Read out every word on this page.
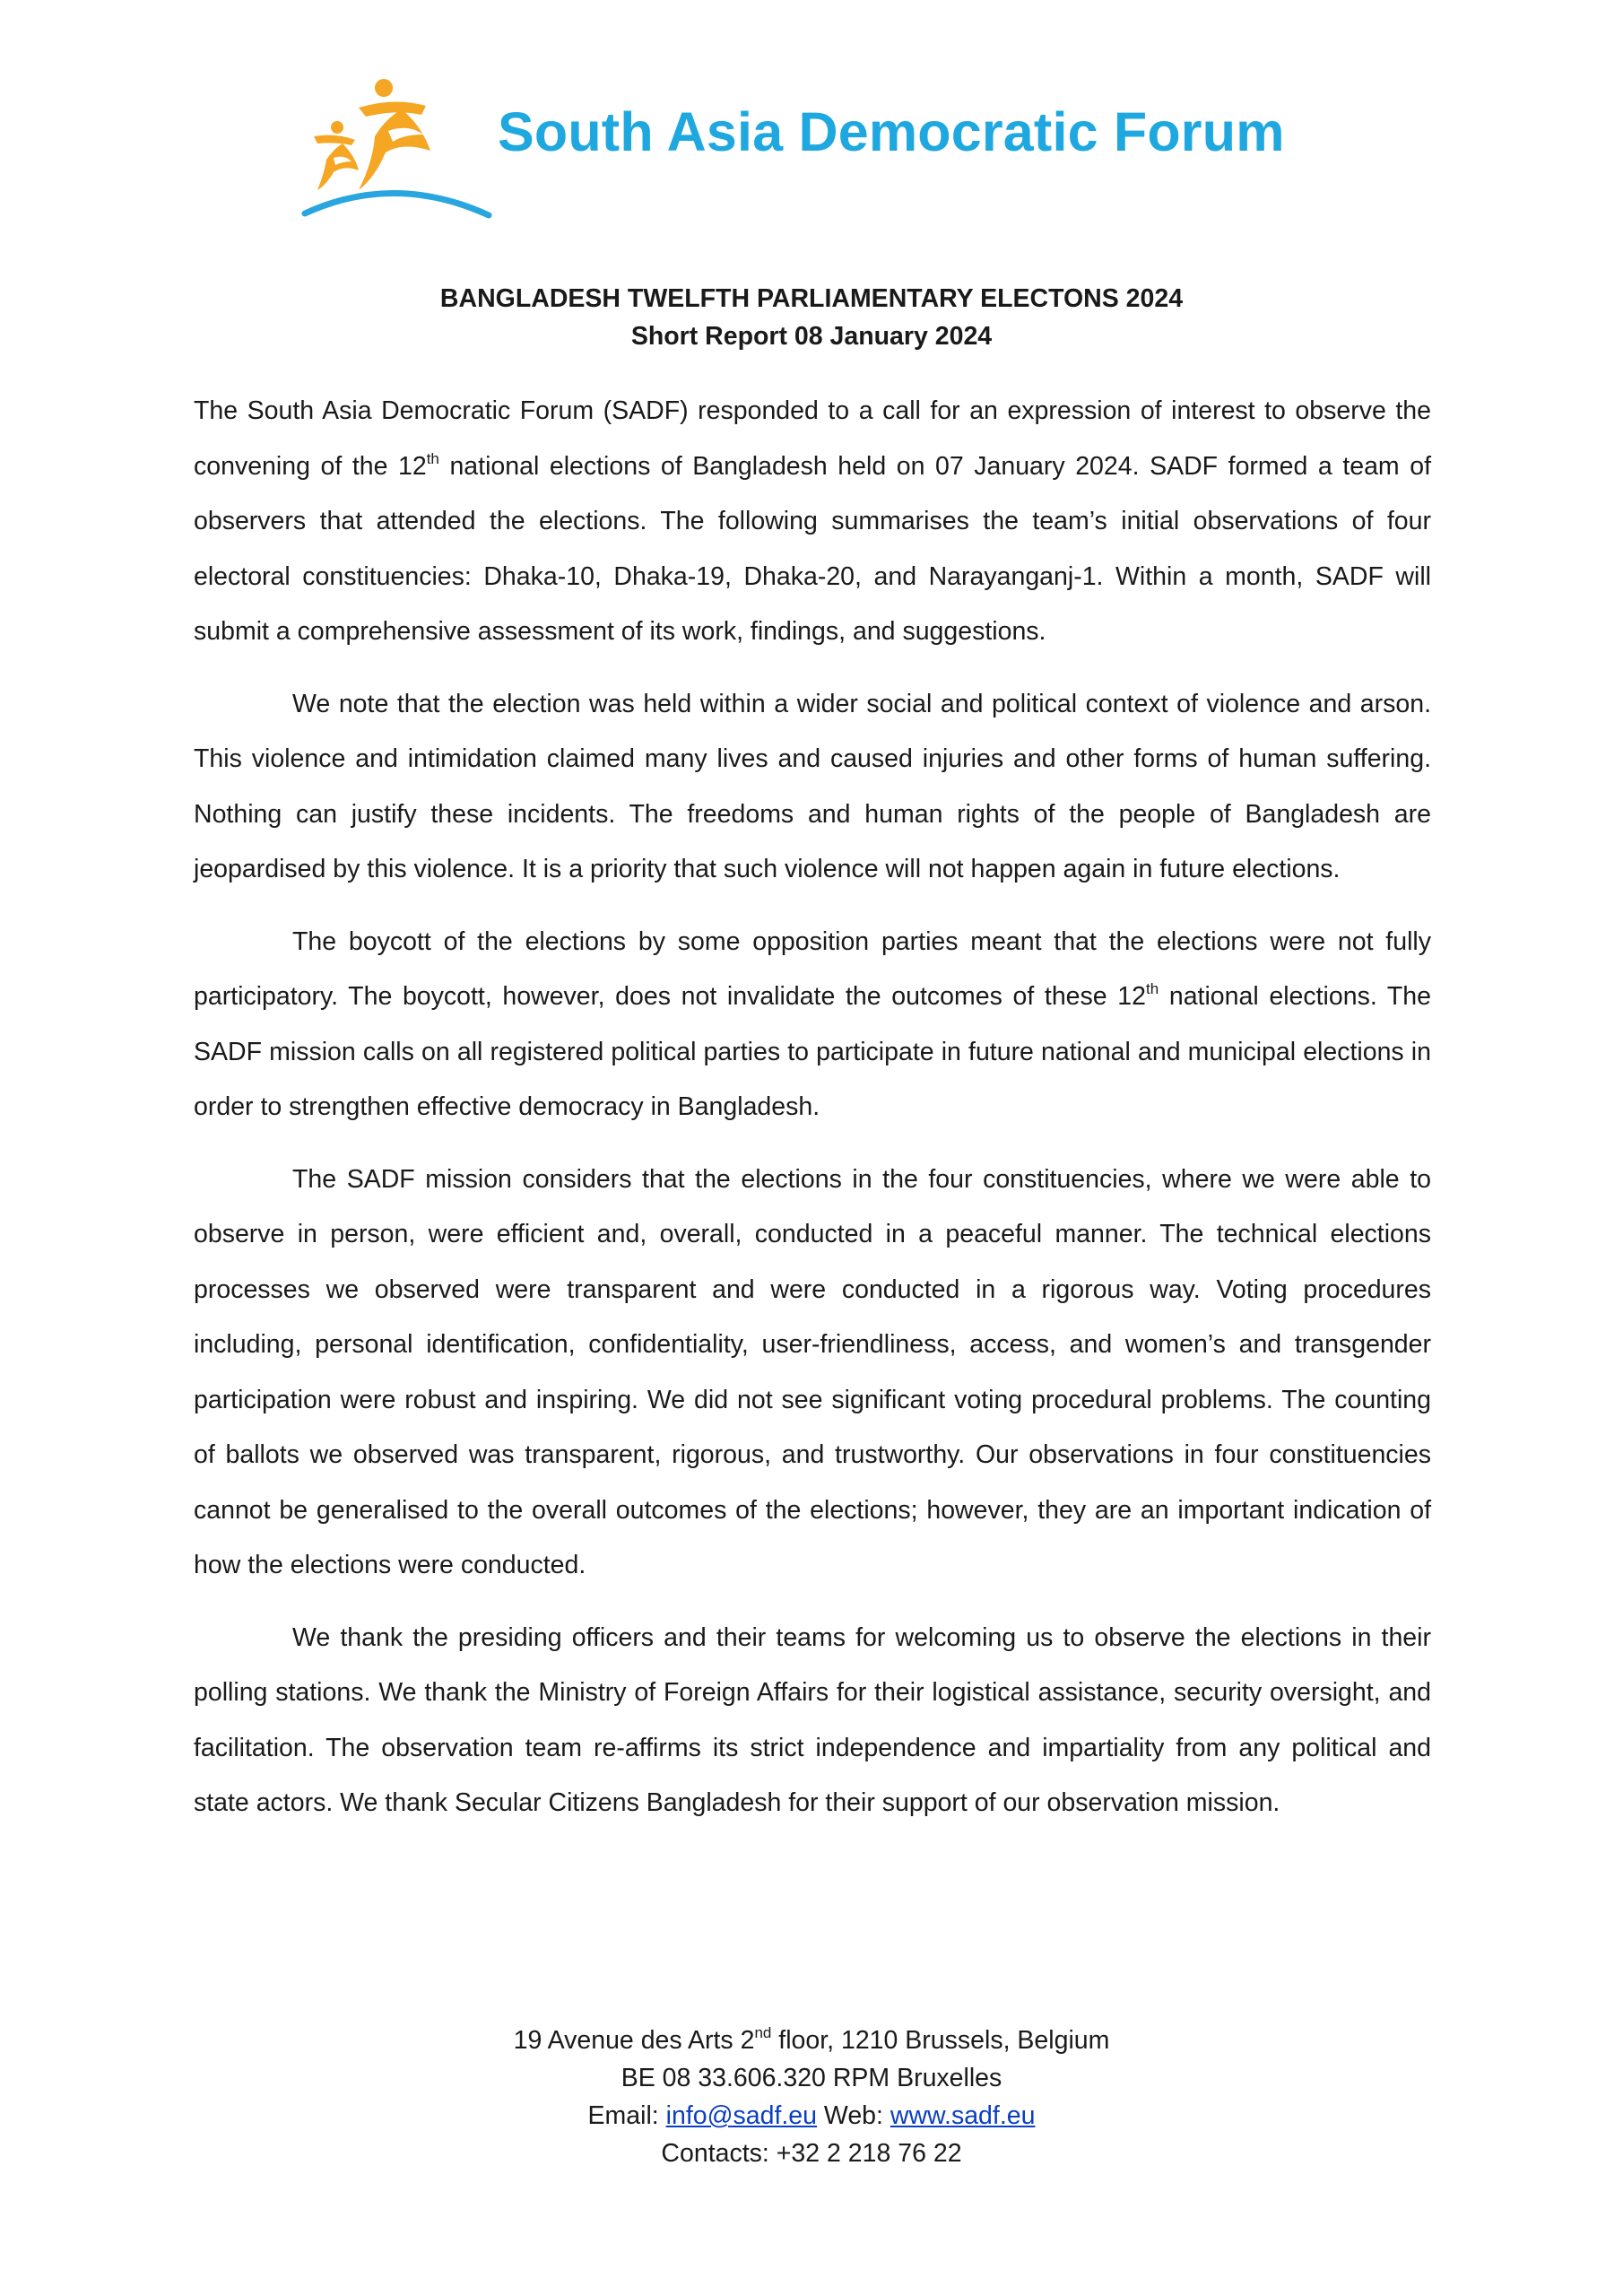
South Asia Democratic Forum
BANGLADESH TWELFTH PARLIAMENTARY ELECTONS 2024
Short Report 08 January 2024

The South Asia Democratic Forum (SADF) responded to a call for an expression of interest to observe the convening of the 12th national elections of Bangladesh held on 07 January 2024. SADF formed a team of observers that attended the elections. The following summarises the team’s initial observations of four electoral constituencies: Dhaka-10, Dhaka-19, Dhaka-20, and Narayanganj-1. Within a month, SADF will submit a comprehensive assessment of its work, findings, and suggestions.

We note that the election was held within a wider social and political context of violence and arson. This violence and intimidation claimed many lives and caused injuries and other forms of human suffering. Nothing can justify these incidents. The freedoms and human rights of the people of Bangladesh are jeopardised by this violence. It is a priority that such violence will not happen again in future elections.

The boycott of the elections by some opposition parties meant that the elections were not fully participatory. The boycott, however, does not invalidate the outcomes of these 12th national elections. The SADF mission calls on all registered political parties to participate in future national and municipal elections in order to strengthen effective democracy in Bangladesh.

The SADF mission considers that the elections in the four constituencies, where we were able to observe in person, were efficient and, overall, conducted in a peaceful manner. The technical elections processes we observed were transparent and were conducted in a rigorous way. Voting procedures including, personal identification, confidentiality, user-friendliness, access, and women’s and transgender participation were robust and inspiring. We did not see significant voting procedural problems. The counting of ballots we observed was transparent, rigorous, and trustworthy. Our observations in four constituencies cannot be generalised to the overall outcomes of the elections; however, they are an important indication of how the elections were conducted.

We thank the presiding officers and their teams for welcoming us to observe the elections in their polling stations. We thank the Ministry of Foreign Affairs for their logistical assistance, security oversight, and facilitation. The observation team re-affirms its strict independence and impartiality from any political and state actors. We thank Secular Citizens Bangladesh for their support of our observation mission.

19 Avenue des Arts 2nd floor, 1210 Brussels, Belgium
BE 08 33.606.320 RPM Bruxelles
Email: info@sadf.eu Web: www.sadf.eu
Contacts: +32 2 218 76 22
